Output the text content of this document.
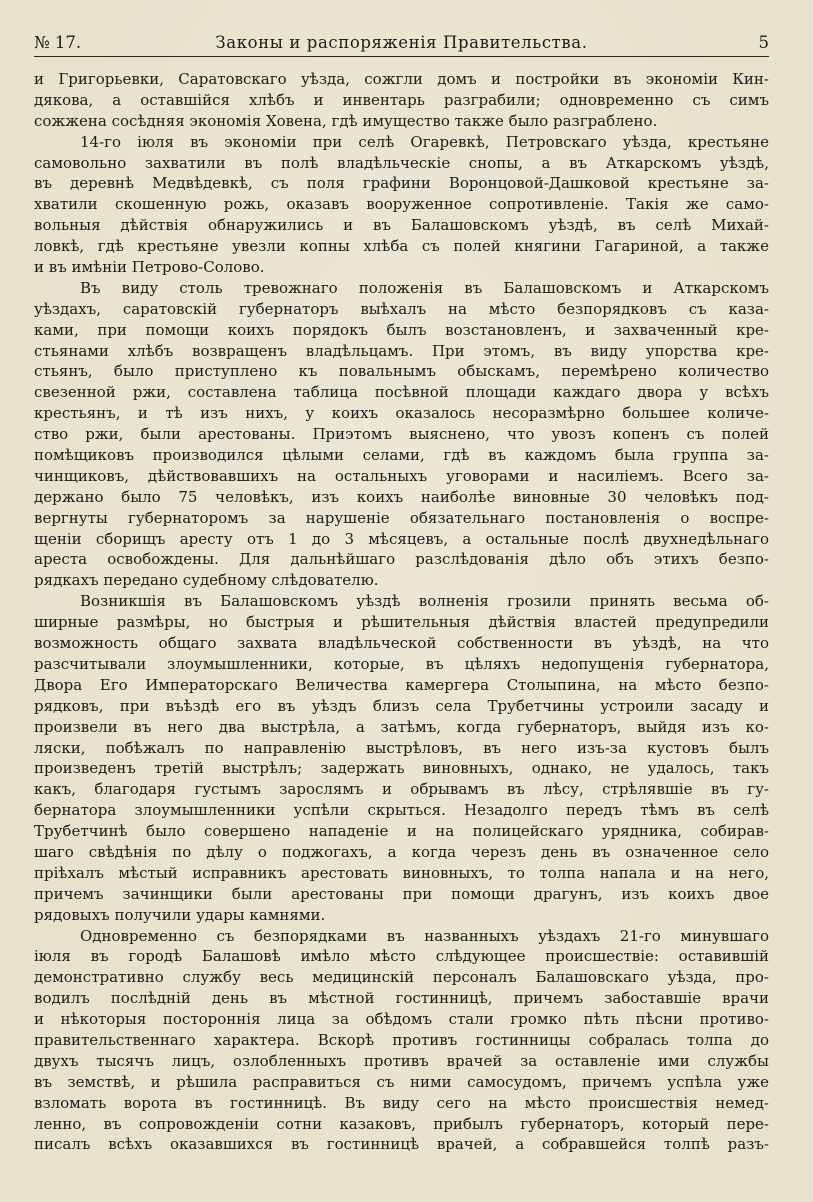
№ 17.	Законы и распоряженія Правительства.	5
и Григорьевки, Саратовскаго уѣзда, сожгли домъ и постройки въ экономіи Кин-
дякова, а оставшійся хлѣбъ и инвентарь разграбили; одновременно съ симъ
сожжена сосѣдняя экономія Ховена, гдѣ имущество также было разграблено.
14-го іюля въ экономіи при селѣ Огаревкѣ, Петровскаго уѣзда, крестьяне
самовольно захватили въ полѣ владѣльческіе снопы, а въ Аткарскомъ уѣздѣ,
въ деревнѣ Медвѣдевкѣ, съ поля графини Воронцовой-Дашковой крестьяне за-
хватили скошенную рожь, оказавъ вооруженное сопротивленіе. Такія же само-
вольныя дѣйствія обнаружились и въ Балашовскомъ уѣздѣ, въ селѣ Михай-
ловкѣ, гдѣ крестьяне увезли копны хлѣба съ полей княгини Гагариной, а также
и въ имѣніи Петрово-Солово.
Въ виду столь тревожнаго положенія въ Балашовскомъ и Аткарскомъ
уѣздахъ, саратовскій губернаторъ выѣхалъ на мѣсто безпорядковъ съ каза-
ками, при помощи коихъ порядокъ былъ возстановленъ, и захваченный кре-
стьянами хлѣбъ возвращенъ владѣльцамъ. При этомъ, въ виду упорства кре-
стьянъ, было приступлено къ повальнымъ обыскамъ, перемѣрено количество
свезенной ржи, составлена таблица посѣвной площади каждаго двора у всѣхъ
крестьянъ, и тѣ изъ нихъ, у коихъ оказалось несоразмѣрно большее количе-
ство ржи, были арестованы. Приэтомъ выяснено, что увозъ копенъ съ полей
помѣщиковъ производился цѣлыми селами, гдѣ въ каждомъ была группа за-
чинщиковъ, дѣйствовавшихъ на остальныхъ уговорами и насиліемъ. Всего за-
держано было 75 человѣкъ, изъ коихъ наиболѣе виновные 30 человѣкъ под-
вергнуты губернаторомъ за нарушеніе обязательнаго постановленія о воспре-
щеніи сборищъ аресту отъ 1 до 3 мѣсяцевъ, а остальные послѣ двухнедѣльнаго
ареста освобождены. Для дальнѣйшаго разслѣдованія дѣло объ этихъ безпо-
рядкахъ передано судебному слѣдователю.
Возникшія въ Балашовскомъ уѣздѣ волненія грозили принять весьма об-
ширные размѣры, но быстрыя и рѣшительныя дѣйствія властей предупредили
возможность общаго захвата владѣльческой собственности въ уѣздѣ, на что
разсчитывали злоумышленники, которые, въ цѣляхъ недопущенія губернатора,
Двора Его Императорскаго Величества камергера Столыпина, на мѣсто безпо-
рядковъ, при въѣздѣ его въ уѣздъ близъ села Трубетчины устроили засаду и
произвели въ него два выстрѣла, а затѣмъ, когда губернаторъ, выйдя изъ ко-
ляски, побѣжалъ по направленію выстрѣловъ, въ него изъ-за кустовъ былъ
произведенъ третій выстрѣлъ; задержать виновныхъ, однако, не удалось, такъ
какъ, благодаря густымъ зарослямъ и обрывамъ въ лѣсу, стрѣлявшіе въ гу-
бернатора злоумышленники успѣли скрыться. Незадолго передъ тѣмъ въ селѣ
Трубетчинѣ было совершено нападеніе и на полицейскаго урядника, собирав-
шаго свѣдѣнія по дѣлу о поджогахъ, а когда черезъ день въ означенное село
пріѣхалъ мѣстый исправникъ арестовать виновныхъ, то толпа напала и на него,
причемъ зачинщики были арестованы при помощи драгунъ, изъ коихъ двое
рядовыхъ получили удары камнями.
Одновременно съ безпорядками въ названныхъ уѣздахъ 21-го минувшаго
іюля въ городѣ Балашовѣ имѣло мѣсто слѣдующее происшествіе: оставившій
демонстративно службу весь медицинскій персоналъ Балашовскаго уѣзда, про-
водилъ послѣдній день въ мѣстной гостинницѣ, причемъ забоставшіе врачи
и нѣкоторыя постороннія лица за обѣдомъ стали громко пѣть пѣсни противо-
правительственнаго характера. Вскорѣ противъ гостинницы собралась толпа до
двухъ тысячъ лицъ, озлобленныхъ противъ врачей за оставленіе ими службы
въ земствѣ, и рѣшила расправиться съ ними самосудомъ, причемъ успѣла уже
взломать ворота въ гостинницѣ. Въ виду сего на мѣсто происшествія немед-
ленно, въ сопровожденіи сотни казаковъ, прибылъ губернаторъ, который пере-
писалъ всѣхъ оказавшихся въ гостинницѣ врачей, а собравшейся толпѣ разъ-
